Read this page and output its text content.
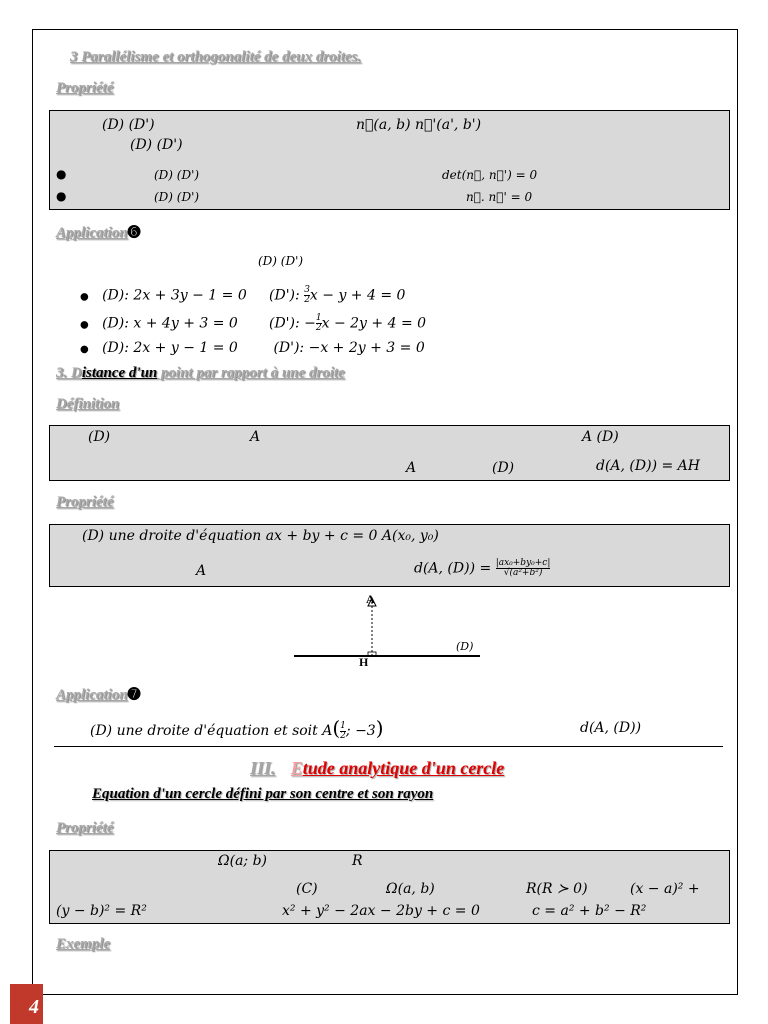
3 Parallélisme et orthogonalité de deux droites.
Propriété
(D) (D')	n⃗(a, b) n⃗'(a', b')
(D) (D')
●	(D) (D')	det(n⃗, n⃗') = 0
●	(D) (D')	n⃗. n⃗' = 0
Application➏
(D) (D')
● (D): 2x + 3y − 1 = 0 (D'): $\frac{3}{2}$ x − y + 4 = 0
● (D): x + 4y + 3 = 0 (D'): − $\frac{1}{2}$ x − 2y + 4 = 0
● (D): 2x + y − 1 = 0	(D'): −x + 2y + 3 = 0
3. Distance d'un point par rapport à une droite
Définition
(D)	A	A (D)
A	(D)	d(A, (D)) = AH
Propriété
(D) une droite d'équation ax + by + c = 0 A(x₀, y₀)
A	d(A, $(D)) = \frac{\text{|ax₀+by₀+c|}}{\text{√(a²+b²)}}$
A
H
(D)
Application➐
(D) une droite d'équation et soit $A( \frac{1}{2}$ ; −3)	d(A, (D))
III. Etude analytique d'un cercle
Equation d'un cercle défini par son centre et son rayon
Propriété
Ω(a; b)	R
(C)	Ω(a, b)	R(R ≻ 0)	(x − a)² +
(y − b)² = R²	x² + y² − 2ax − 2by + c = 0	c = a² + b² − R²
Exemple
4
